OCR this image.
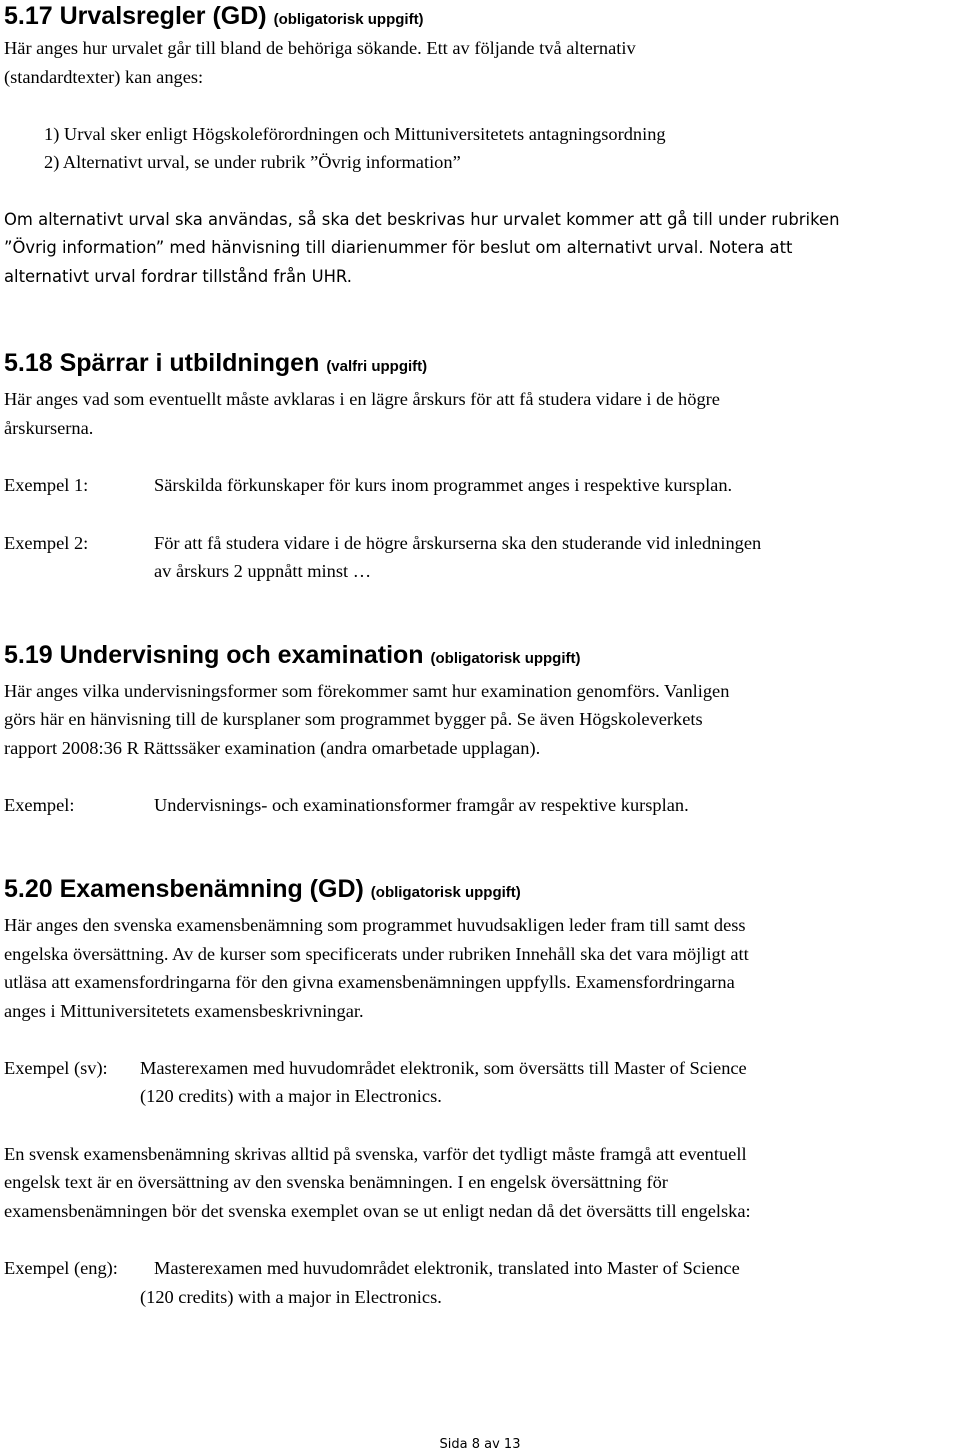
5.17 Urvalsregler (GD) (obligatorisk uppgift)

Här anges hur urvalet går till bland de behöriga sökande. Ett av följande två alternativ

(standardtexter) kan anges:

1) Urval sker enligt Högskoleförordningen och Mittuniversitetets antagningsordning

2) Alternativt urval, se under rubrik ”Övrig information”

Om alternativt urval ska användas, så ska det beskrivas hur urvalet kommer att gå till under rubriken

”Övrig information” med hänvisning till diarienummer för beslut om alternativt urval. Notera att

alternativt urval fordrar tillstånd från UHR.

5.18 Spärrar i utbildningen (valfri uppgift)

Här anges vad som eventuellt måste avklaras i en lägre årskurs för att få studera vidare i de högre

årskurserna.

Exempel 1:	Särskilda förkunskaper för kurs inom programmet anges i respektive kursplan.

Exempel 2:	För att få studera vidare i de högre årskurserna ska den studerande vid inledningen

av årskurs 2 uppnått minst …

5.19 Undervisning och examination (obligatorisk uppgift)

Här anges vilka undervisningsformer som förekommer samt hur examination genomförs. Vanligen

görs här en hänvisning till de kursplaner som programmet bygger på. Se även Högskoleverkets

rapport 2008:36 R Rättssäker examination (andra omarbetade upplagan).

Exempel:	Undervisnings- och examinationsformer framgår av respektive kursplan.

5.20 Examensbenämning (GD) (obligatorisk uppgift)

Här anges den svenska examensbenämning som programmet huvudsakligen leder fram till samt dess

engelska översättning. Av de kurser som specificerats under rubriken Innehåll ska det vara möjligt att

utläsa att examensfordringarna för den givna examensbenämningen uppfylls. Examensfordringarna

anges i Mittuniversitetets examensbeskrivningar.

Exempel (sv): Masterexamen med huvudområdet elektronik, som översätts till Master of Science

(120 credits) with a major in Electronics.

En svensk examensbenämning skrivas alltid på svenska, varför det tydligt måste framgå att eventuell

engelsk text är en översättning av den svenska benämningen. I en engelsk översättning för

examensbenämningen bör det svenska exemplet ovan se ut enligt nedan då det översätts till engelska:

Exempel (eng): Masterexamen med huvudområdet elektronik, translated into Master of Science

(120 credits) with a major in Electronics.

Sida 8 av 13
